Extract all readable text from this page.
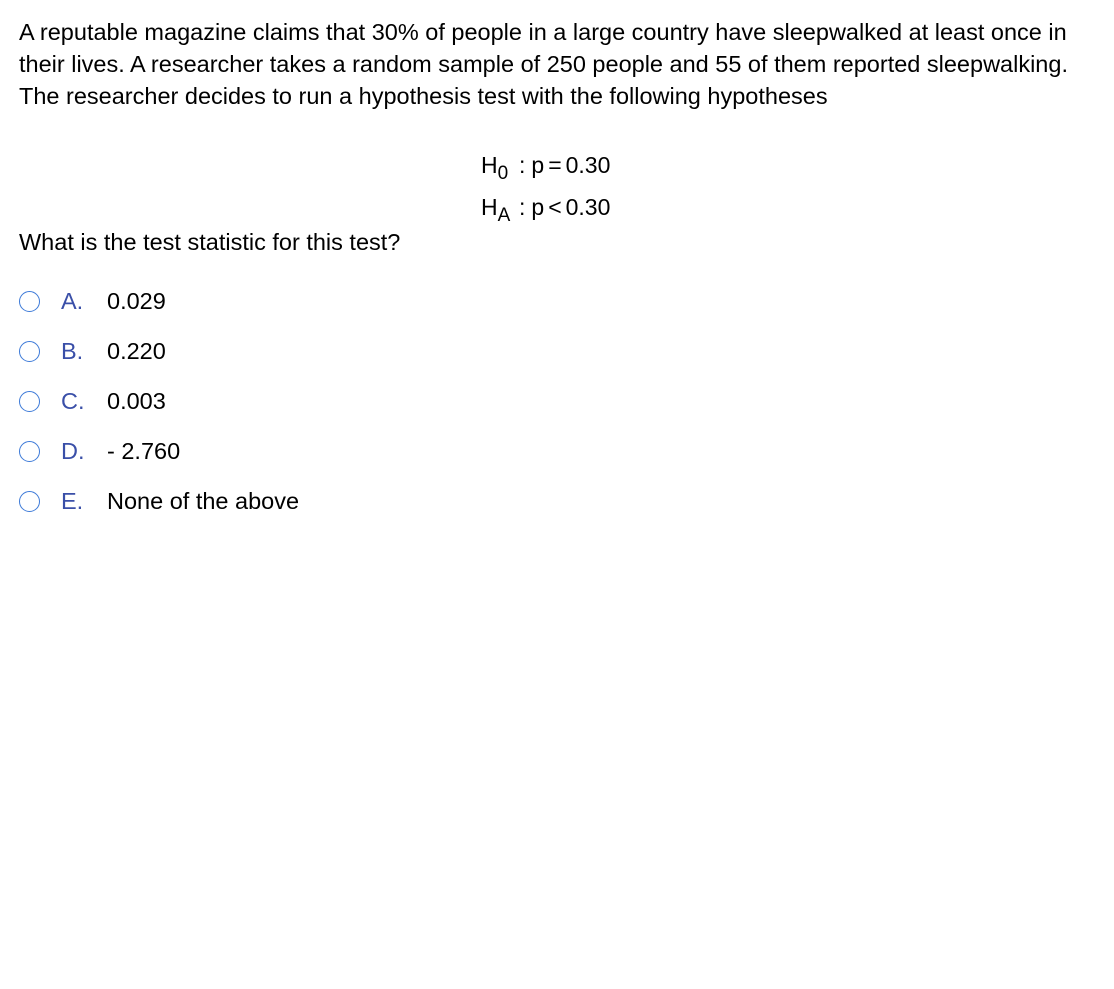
A reputable magazine claims that 30% of people in a large country have sleepwalked at least once in their lives. A researcher takes a random sample of 250 people and 55 of them reported sleepwalking. The researcher decides to run a hypothesis test with the following hypotheses

$H_0$ : p = 0.30
$H_A$ : p < 0.30

What is the test statistic for this test?

A.	0.029
B.	0.220
C. 0.003
D. - 2.760
E.	None of the above
